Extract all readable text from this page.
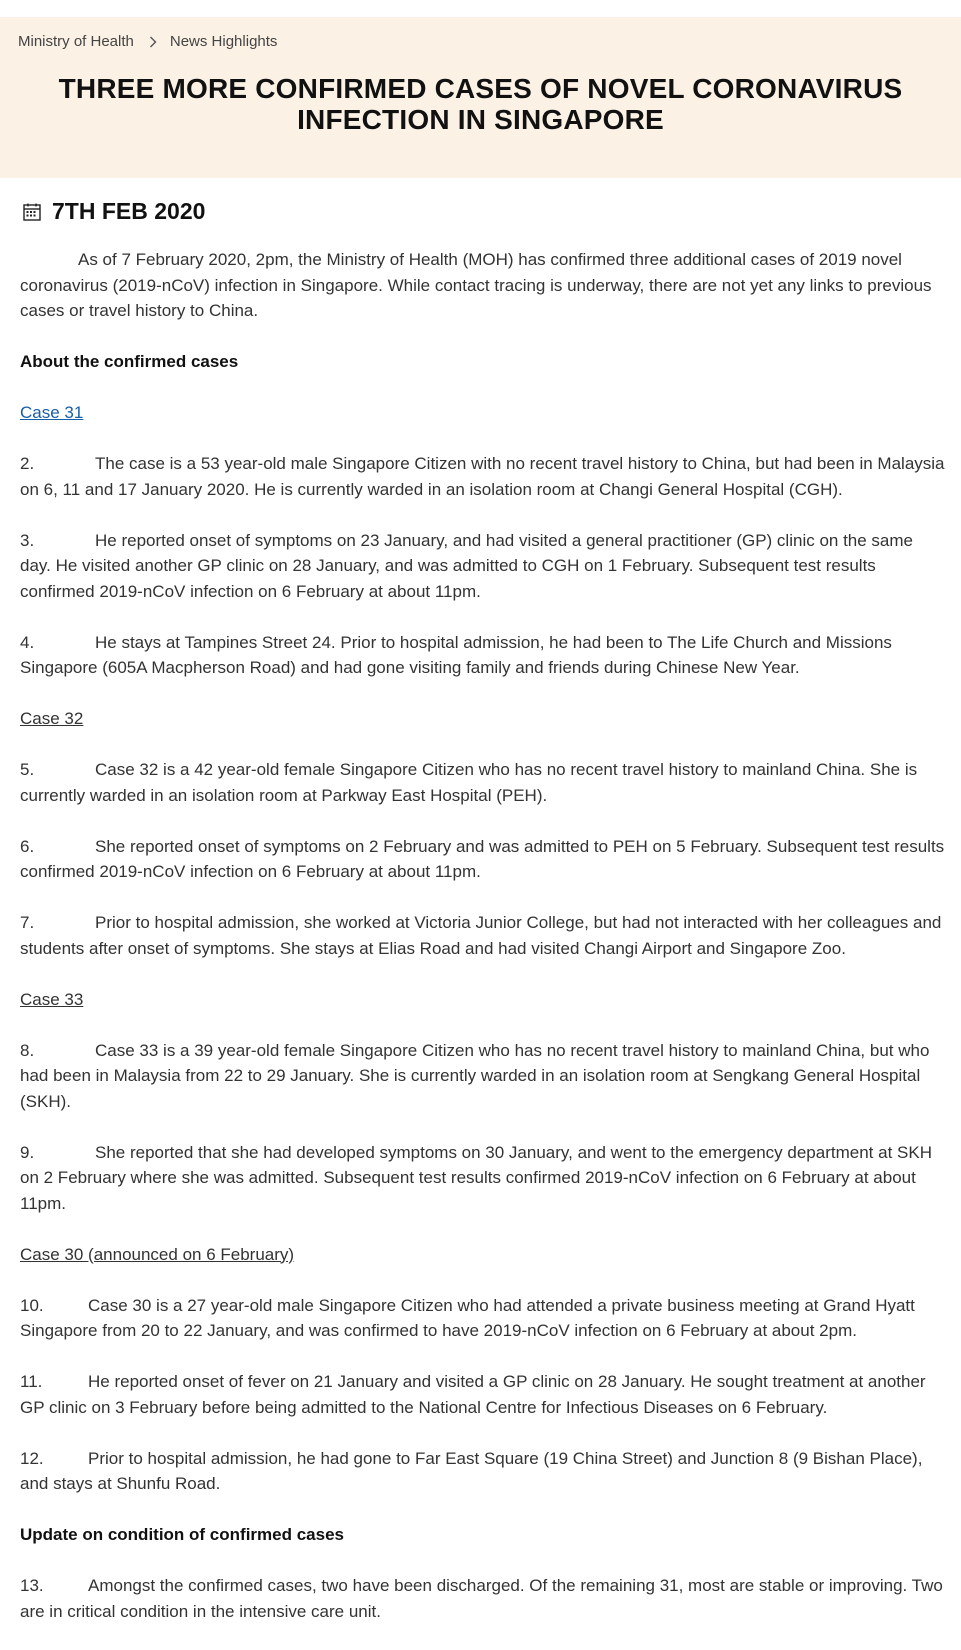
Ministry of Health News Highlights
THREE MORE CONFIRMED CASES OF NOVEL CORONAVIRUS INFECTION IN SINGAPORE
7TH FEB 2020

As of 7 February 2020, 2pm, the Ministry of Health (MOH) has confirmed three additional cases of 2019 novel coronavirus (2019-nCoV) infection in Singapore. While contact tracing is underway, there are not yet any links to previous cases or travel history to China.

About the confirmed cases

Case 31

2.	The case is a 53 year-old male Singapore Citizen with no recent travel history to China, but had been in Malaysia on 6, 11 and 17 January 2020. He is currently warded in an isolation room at Changi General Hospital (CGH).

3.	He reported onset of symptoms on 23 January, and had visited a general practitioner (GP) clinic on the same day. He visited another GP clinic on 28 January, and was admitted to CGH on 1 February. Subsequent test results confirmed 2019-nCoV infection on 6 February at about 11pm.

4.	He stays at Tampines Street 24. Prior to hospital admission, he had been to The Life Church and Missions Singapore (605A Macpherson Road) and had gone visiting family and friends during Chinese New Year.

Case 32

5.	Case 32 is a 42 year-old female Singapore Citizen who has no recent travel history to mainland China. She is currently warded in an isolation room at Parkway East Hospital (PEH).

6.	She reported onset of symptoms on 2 February and was admitted to PEH on 5 February. Subsequent test results confirmed 2019-nCoV infection on 6 February at about 11pm.

7.	Prior to hospital admission, she worked at Victoria Junior College, but had not interacted with her colleagues and students after onset of symptoms. She stays at Elias Road and had visited Changi Airport and Singapore Zoo.

Case 33

8.	Case 33 is a 39 year-old female Singapore Citizen who has no recent travel history to mainland China, but who had been in Malaysia from 22 to 29 January. She is currently warded in an isolation room at Sengkang General Hospital (SKH).

9.	She reported that she had developed symptoms on 30 January, and went to the emergency department at SKH on 2 February where she was admitted. Subsequent test results confirmed 2019-nCoV infection on 6 February at about 11pm.

Case 30 (announced on 6 February)

10.	Case 30 is a 27 year-old male Singapore Citizen who had attended a private business meeting at Grand Hyatt Singapore from 20 to 22 January, and was confirmed to have 2019-nCoV infection on 6 February at about 2pm.

11.	He reported onset of fever on 21 January and visited a GP clinic on 28 January. He sought treatment at another GP clinic on 3 February before being admitted to the National Centre for Infectious Diseases on 6 February.

12.	Prior to hospital admission, he had gone to Far East Square (19 China Street) and Junction 8 (9 Bishan Place), and stays at Shunfu Road.

Update on condition of confirmed cases

13.	Amongst the confirmed cases, two have been discharged. Of the remaining 31, most are stable or improving. Two are in critical condition in the intensive care unit.
